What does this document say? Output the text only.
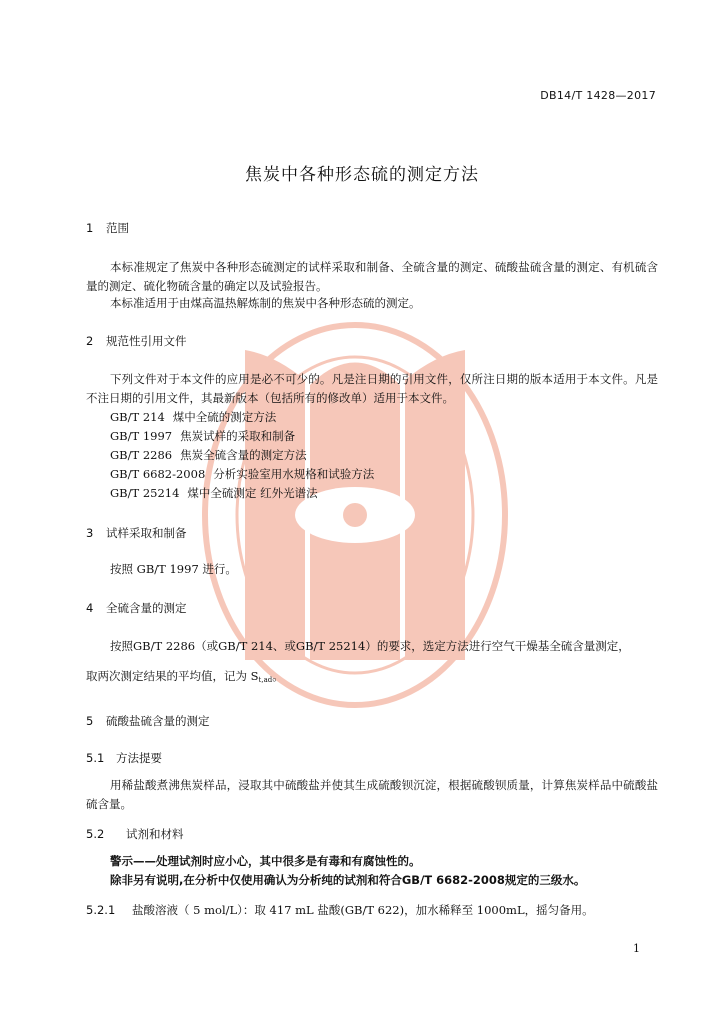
DB14/T 1428—2017
焦炭中各种形态硫的测定方法
1 范围
本标准规定了焦炭中各种形态硫测定的试样采取和制备、全硫含量的测定、硫酸盐硫含量的测定、有机硫含量的测定、硫化物硫含量的确定以及试验报告。
本标准适用于由煤高温热解炼制的焦炭中各种形态硫的测定。
2 规范性引用文件
下列文件对于本文件的应用是必不可少的。凡是注日期的引用文件，仅所注日期的版本适用于本文件。凡是不注日期的引用文件，其最新版本（包括所有的修改单）适用于本文件。
GB/T 214 煤中全硫的测定方法
GB/T 1997 焦炭试样的采取和制备
GB/T 2286 焦炭全硫含量的测定方法
GB/T 6682-2008 分析实验室用水规格和试验方法
GB/T 25214 煤中全硫测定 红外光谱法
3 试样采取和制备
按照 GB/T 1997 进行。
4 全硫含量的测定
按照GB/T 2286（或GB/T 214、或GB/T 25214）的要求，选定方法进行空气干燥基全硫含量测定，
取两次测定结果的平均值，记为 $S_{t,ad}$。
5 硫酸盐硫含量的测定
5.1 方法提要
用稀盐酸煮沸焦炭样品，浸取其中硫酸盐并使其生成硫酸钡沉淀，根据硫酸钡质量，计算焦炭样品中硫酸盐硫含量。
5.2 试剂和材料
警示——处理试剂时应小心，其中很多是有毒和有腐蚀性的。
除非另有说明,在分析中仅使用确认为分析纯的试剂和符合GB/T 6682-2008规定的三级水。
5.2.1 盐酸溶液（ 5 mol/L）：取 417 mL 盐酸(GB/T 622)，加水稀释至 1000mL，摇匀备用。
1
